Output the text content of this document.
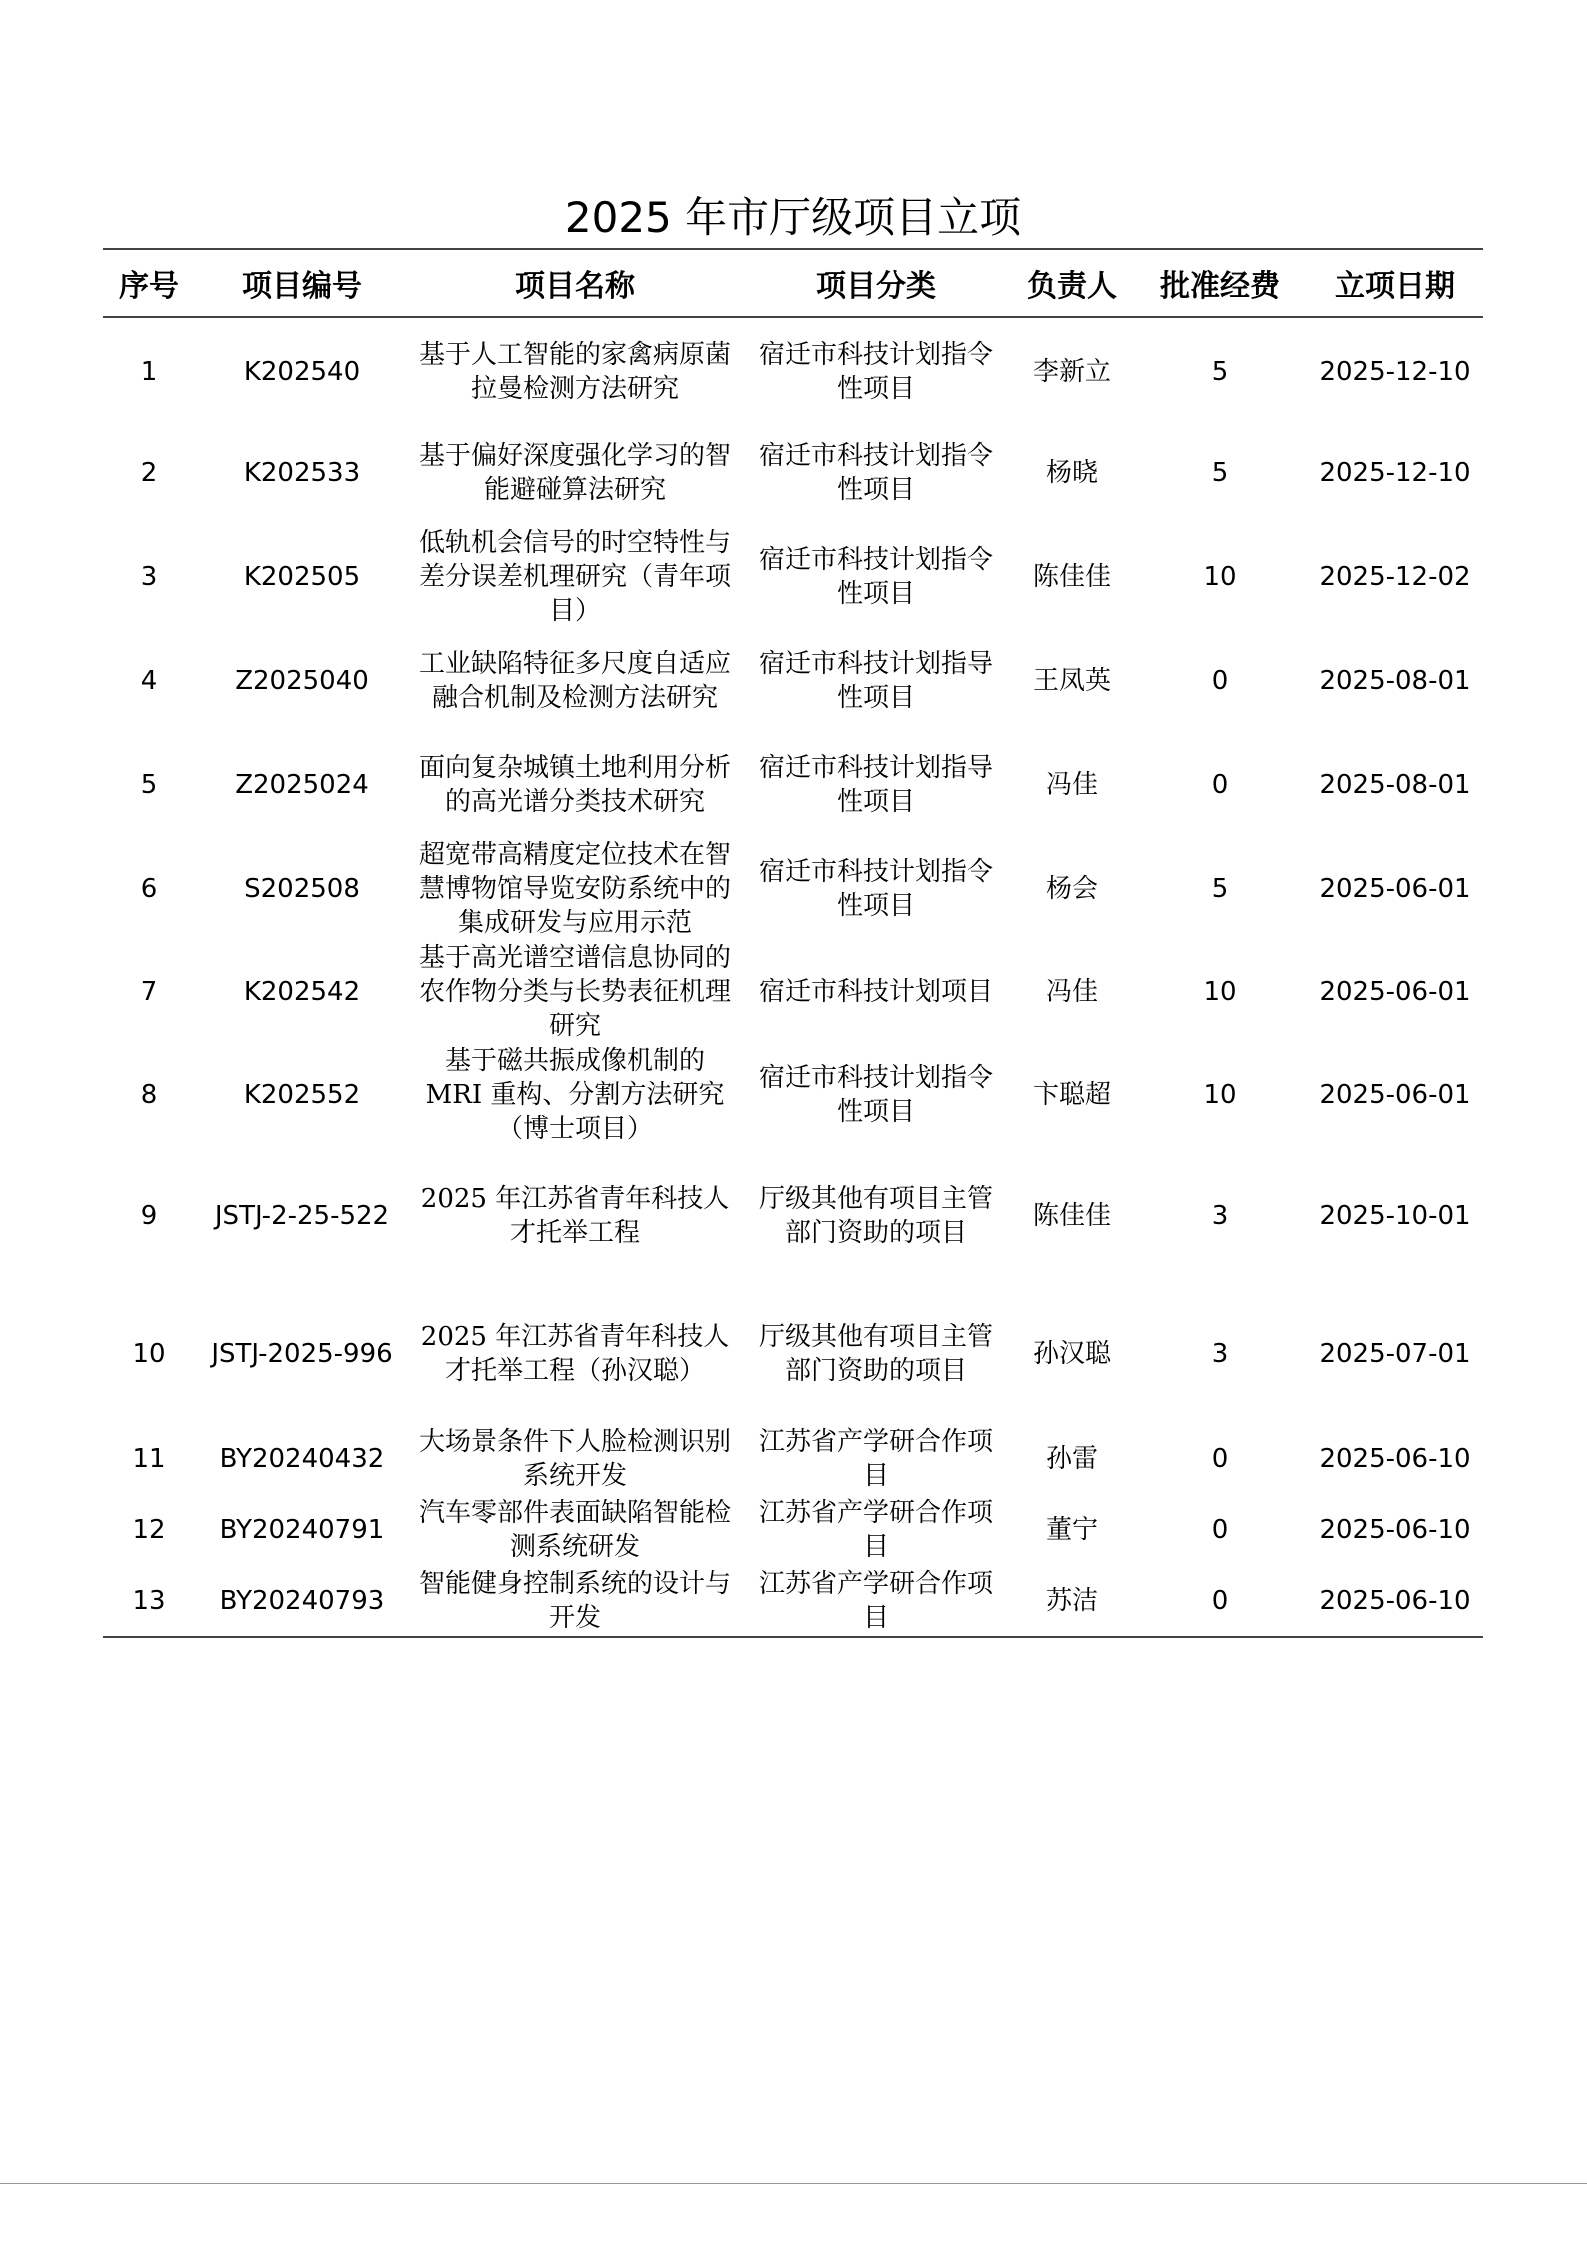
2025 年市厅级项目立项
序号	项目编号	项目名称	项目分类	负责人	批准经费	立项日期
1	K202540	基于人工智能的家禽病原菌拉曼检测方法研究	宿迁市科技计划指令性项目	李新立	5	2025-12-10
2	K202533	基于偏好深度强化学习的智能避碰算法研究	宿迁市科技计划指令性项目	杨晓	5	2025-12-10
3	K202505	低轨机会信号的时空特性与差分误差机理研究（青年项目）	宿迁市科技计划指令性项目	陈佳佳	10	2025-12-02
4	Z2025040	工业缺陷特征多尺度自适应融合机制及检测方法研究	宿迁市科技计划指导性项目	王凤英	0	2025-08-01
5	Z2025024	面向复杂城镇土地利用分析的高光谱分类技术研究	宿迁市科技计划指导性项目	冯佳	0	2025-08-01
6	S202508	超宽带高精度定位技术在智慧博物馆导览安防系统中的集成研发与应用示范	宿迁市科技计划指令性项目	杨会	5	2025-06-01
7	K202542	基于高光谱空谱信息协同的农作物分类与长势表征机理研究	宿迁市科技计划项目	冯佳	10	2025-06-01
8	K202552	基于磁共振成像机制的 MRI 重构、分割方法研究（博士项目）	宿迁市科技计划指令性项目	卞聪超	10	2025-06-01
9	JSTJ-2-25-522	2025 年江苏省青年科技人才托举工程	厅级其他有项目主管部门资助的项目	陈佳佳	3	2025-10-01
10	JSTJ-2025-996	2025 年江苏省青年科技人才托举工程（孙汉聪）	厅级其他有项目主管部门资助的项目	孙汉聪	3	2025-07-01
11	BY20240432	大场景条件下人脸检测识别系统开发	江苏省产学研合作项目	孙雷	0	2025-06-10
12	BY20240791	汽车零部件表面缺陷智能检测系统研发	江苏省产学研合作项目	董宁	0	2025-06-10
13	BY20240793	智能健身控制系统的设计与开发	江苏省产学研合作项目	苏洁	0	2025-06-10
